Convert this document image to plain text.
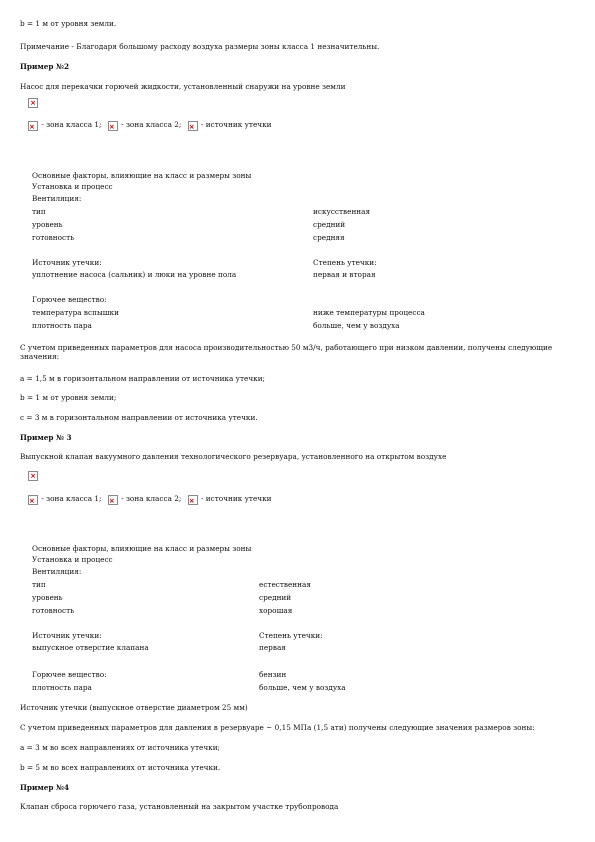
b = 1 м от уровня земли.
Примечание - Благодаря большому расходу воздуха размеры зоны класса 1 незначительны.
Пример №2
Насос для перекачки горючей жидкости, установленный снаружи на уровне земли
×
× - зона класса 1; × - зона класса 2; × - источник утечки
Основные факторы, влияющие на класс и размеры зоны
Установка и процесс
Вентиляция:
тип	искусственная
уровень	средний
готовность	средняя
Источник утечки:	Степень утечки:
уплотнение насоса (сальник) и люки на уровне пола	первая и вторая
Горючее вещество:
температура вспышки	ниже температуры процесса
плотность пара	больше, чем у воздуха
С учетом приведенных параметров для насоса производительностью 50 м3/ч, работающего при низком давлении, получены следующие значения:
a = 1,5 м в горизонтальном направлении от источника утечки;
b = 1 м от уровня земли;
c = 3 м в горизонтальном направлении от источника утечки.
Пример № 3
Выпускной клапан вакуумного давления технологического резервуара, установленного на открытом воздухе
×
× - зона класса 1; × - зона класса 2; × - источник утечки
Основные факторы, влияющие на класс и размеры зоны
Установка и процесс
Вентиляция:
тип	естественная
уровень	средний
готовность	хорошая
Источник утечки:	Степень утечки:
выпускное отверстие клапана	первая
Горючее вещество:	бензин
плотность пара	больше, чем у воздуха
Источник утечки (выпускное отверстие диаметром 25 мм)
С учетом приведенных параметров для давления в резервуаре ~ 0,15 МПа (1,5 ати) получены следующие значения размеров зоны:
a = 3 м во всех направлениях от источника утечки;
b = 5 м во всех направлениях от источника утечки.
Пример №4
Клапан сброса горючего газа, установленный на закрытом участке трубопровода
